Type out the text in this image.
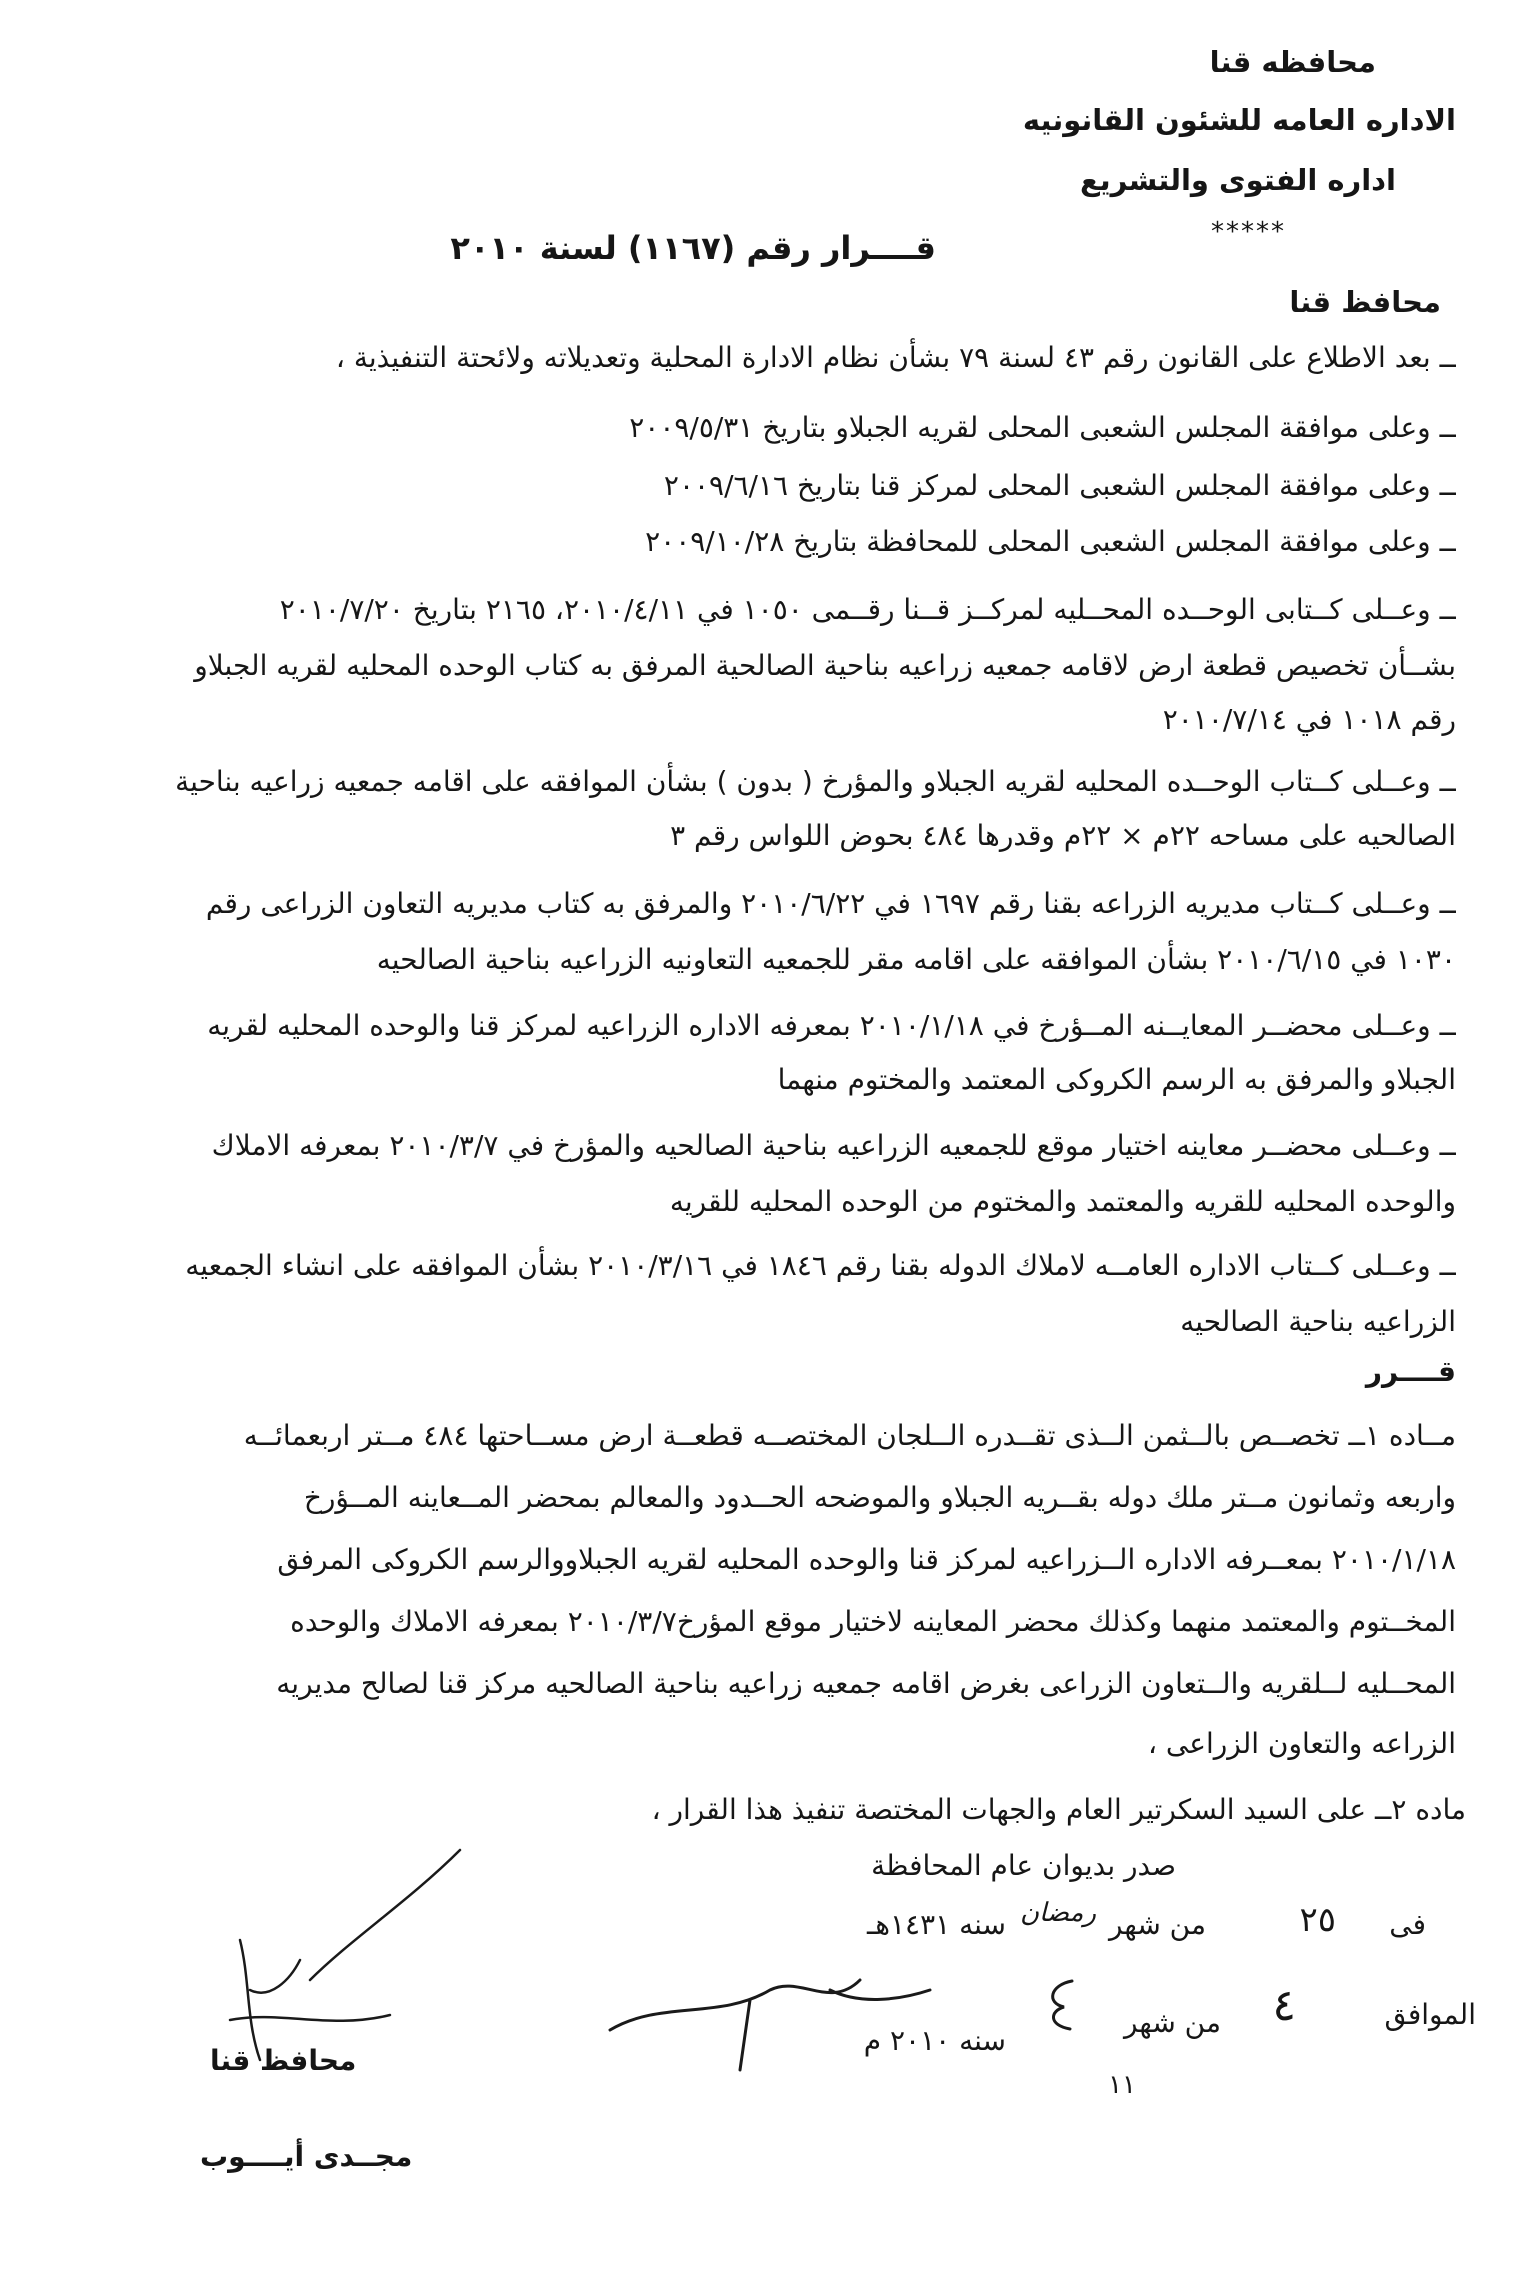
محافظه قنا
الاداره العامه للشئون القانونيه
اداره الفتوى والتشريع
*****
قــــرار رقم (١١٦٧) لسنة ٢٠١٠
محافظ قنا
ــ بعد الاطلاع على القانون رقم ٤٣ لسنة ٧٩ بشأن نظام الادارة المحلية وتعديلاته ولائحتة التنفيذية ،
ــ وعلى موافقة المجلس الشعبى المحلى لقريه الجبلاو بتاريخ ٢٠٠٩/٥/٣١
ــ وعلى موافقة المجلس الشعبى المحلى لمركز قنا بتاريخ ٢٠٠٩/٦/١٦
ــ وعلى موافقة المجلس الشعبى المحلى للمحافظة بتاريخ ٢٠٠٩/١٠/٢٨
ــ وعــلى كــتابى الوحــده المحــليه لمركــز قــنا رقــمى ١٠٥٠ في ٢٠١٠/٤/١١، ٢١٦٥ بتاريخ ٢٠١٠/٧/٢٠
بشــأن تخصيص قطعة ارض لاقامه جمعيه زراعيه بناحية الصالحية المرفق به كتاب الوحده المحليه لقريه الجبلاو
رقم ١٠١٨ في ٢٠١٠/٧/١٤
ــ وعــلى كــتاب الوحــده المحليه لقريه الجبلاو والمؤرخ ( بدون ) بشأن الموافقه على اقامه جمعيه زراعيه بناحية
الصالحيه على مساحه ٢٢م × ٢٢م وقدرها ٤٨٤ بحوض اللواس رقم ٣
ــ وعــلى كــتاب مديريه الزراعه بقنا رقم ١٦٩٧ في ٢٠١٠/٦/٢٢ والمرفق به كتاب مديريه التعاون الزراعى رقم
١٠٣٠ في ٢٠١٠/٦/١٥ بشأن الموافقه على اقامه مقر للجمعيه التعاونيه الزراعيه بناحية الصالحيه
ــ وعــلى محضــر المعايــنه المــؤرخ في ٢٠١٠/١/١٨ بمعرفه الاداره الزراعيه لمركز قنا والوحده المحليه لقريه
الجبلاو والمرفق به الرسم الكروكى المعتمد والمختوم منهما
ــ وعــلى محضــر معاينه اختيار موقع للجمعيه الزراعيه بناحية الصالحيه والمؤرخ في ٢٠١٠/٣/٧ بمعرفه الاملاك
والوحده المحليه للقريه والمعتمد والمختوم من الوحده المحليه للقريه
ــ وعــلى كــتاب الاداره العامــه لاملاك الدوله بقنا رقم ١٨٤٦ في ٢٠١٠/٣/١٦ بشأن الموافقه على انشاء الجمعيه
الزراعيه بناحية الصالحيه
قــــرر
مــاده ١ــ تخصــص بالــثمن الــذى تقــدره الــلجان المختصــه قطعــة ارض مســاحتها ٤٨٤ مــتر اربعمائــه
واربعه وثمانون مــتر ملك دوله بقــريه الجبلاو والموضحه الحــدود والمعالم بمحضر المــعاينه المــؤرخ
٢٠١٠/١/١٨ بمعــرفه الاداره الــزراعيه لمركز قنا والوحده المحليه لقريه الجبلاووالرسم الكروكى المرفق
المخــتوم والمعتمد منهما وكذلك محضر المعاينه لاختيار موقع المؤرخ٢٠١٠/٣/٧ بمعرفه الاملاك والوحده
المحــليه لــلقريه والــتعاون الزراعى بغرض اقامه جمعيه زراعيه بناحية الصالحيه مركز قنا لصالح مديريه
الزراعه والتعاون الزراعى ،
ماده ٢ــ على السيد السكرتير العام والجهات المختصة تنفيذ هذا القرار ،
صدر بديوان عام المحافظة
فى
٢٥
من شهر
رمضان
سنه ١٤٣١هـ
الموافق
٤
من شهر
سنه ٢٠١٠ م
١١
محافظ قنا
مجــدى أيــــوب
